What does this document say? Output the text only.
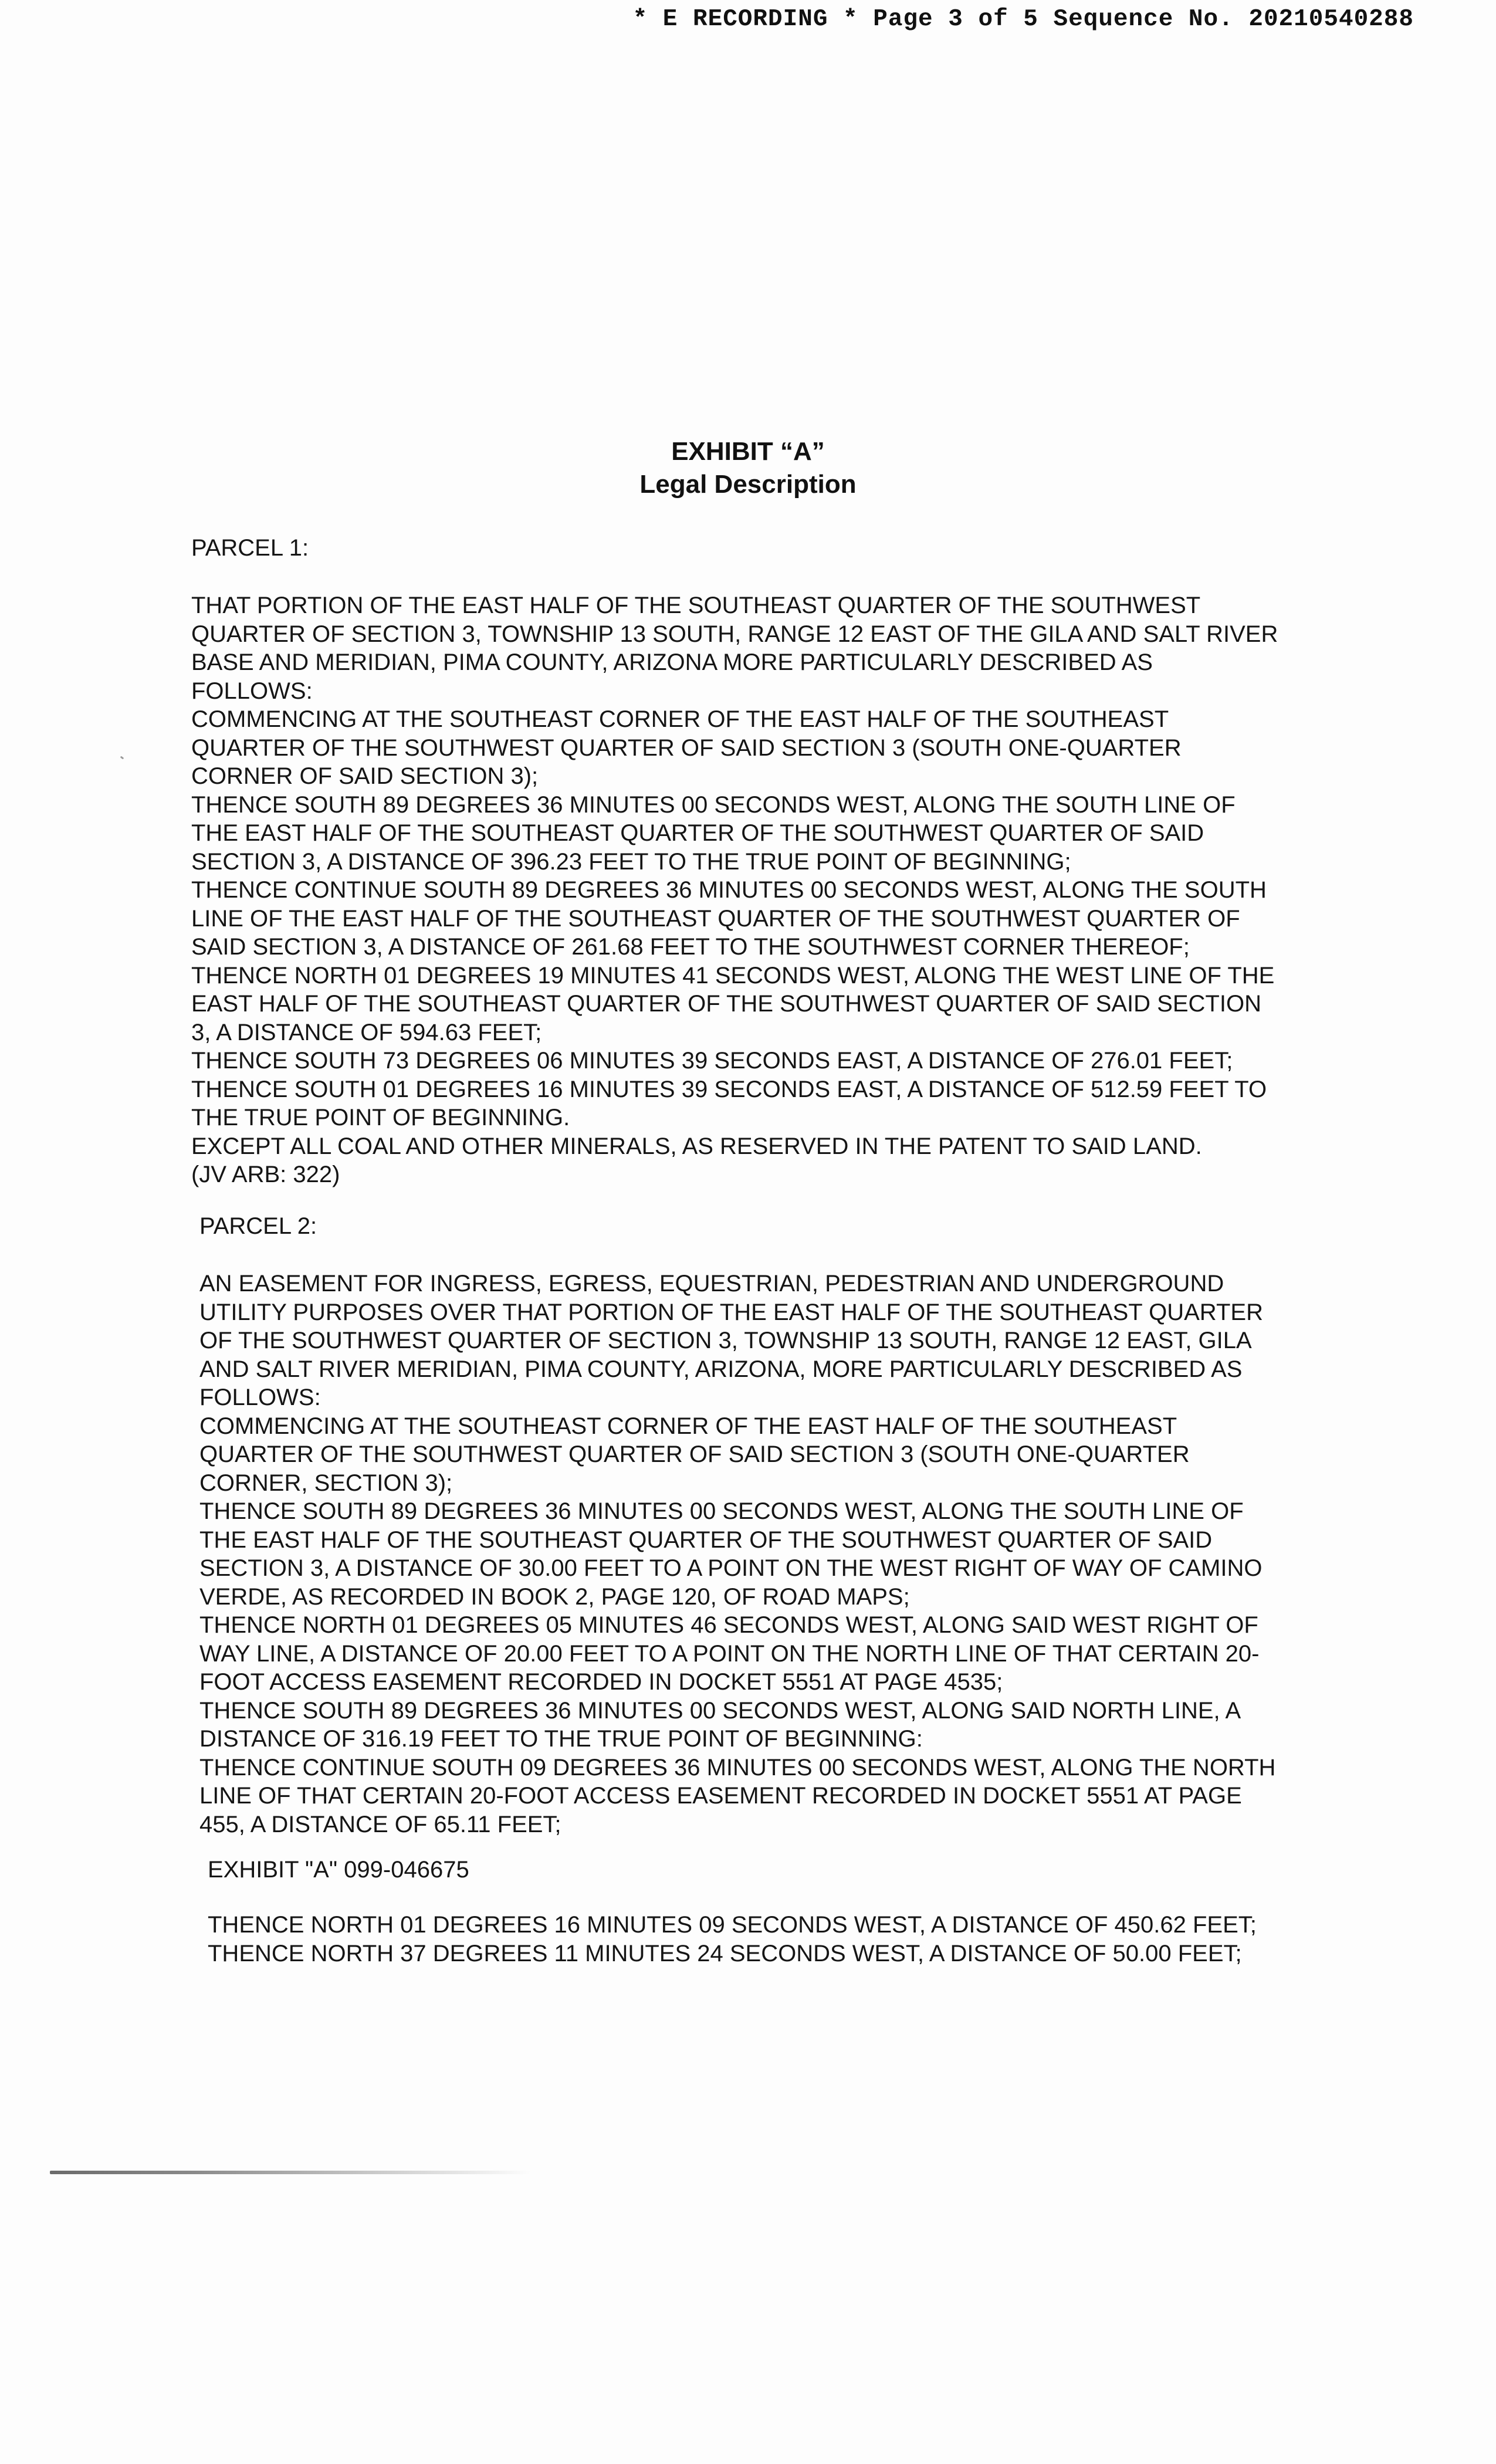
* E RECORDING * Page 3 of 5 Sequence No. 20210540288
EXHIBIT “A”
Legal Description
PARCEL 1:
THAT PORTION OF THE EAST HALF OF THE SOUTHEAST QUARTER OF THE SOUTHWEST
QUARTER OF SECTION 3, TOWNSHIP 13 SOUTH, RANGE 12 EAST OF THE GILA AND SALT RIVER
BASE AND MERIDIAN, PIMA COUNTY, ARIZONA MORE PARTICULARLY DESCRIBED AS
FOLLOWS:
COMMENCING AT THE SOUTHEAST CORNER OF THE EAST HALF OF THE SOUTHEAST
QUARTER OF THE SOUTHWEST QUARTER OF SAID SECTION 3 (SOUTH ONE-QUARTER
CORNER OF SAID SECTION 3);
THENCE SOUTH 89 DEGREES 36 MINUTES 00 SECONDS WEST, ALONG THE SOUTH LINE OF
THE EAST HALF OF THE SOUTHEAST QUARTER OF THE SOUTHWEST QUARTER OF SAID
SECTION 3, A DISTANCE OF 396.23 FEET TO THE TRUE POINT OF BEGINNING;
THENCE CONTINUE SOUTH 89 DEGREES 36 MINUTES 00 SECONDS WEST, ALONG THE SOUTH
LINE OF THE EAST HALF OF THE SOUTHEAST QUARTER OF THE SOUTHWEST QUARTER OF
SAID SECTION 3, A DISTANCE OF 261.68 FEET TO THE SOUTHWEST CORNER THEREOF;
THENCE NORTH 01 DEGREES 19 MINUTES 41 SECONDS WEST, ALONG THE WEST LINE OF THE
EAST HALF OF THE SOUTHEAST QUARTER OF THE SOUTHWEST QUARTER OF SAID SECTION
3, A DISTANCE OF 594.63 FEET;
THENCE SOUTH 73 DEGREES 06 MINUTES 39 SECONDS EAST, A DISTANCE OF 276.01 FEET;
THENCE SOUTH 01 DEGREES 16 MINUTES 39 SECONDS EAST, A DISTANCE OF 512.59 FEET TO
THE TRUE POINT OF BEGINNING.
EXCEPT ALL COAL AND OTHER MINERALS, AS RESERVED IN THE PATENT TO SAID LAND.
(JV ARB: 322)
PARCEL 2:
AN EASEMENT FOR INGRESS, EGRESS, EQUESTRIAN, PEDESTRIAN AND UNDERGROUND
UTILITY PURPOSES OVER THAT PORTION OF THE EAST HALF OF THE SOUTHEAST QUARTER
OF THE SOUTHWEST QUARTER OF SECTION 3, TOWNSHIP 13 SOUTH, RANGE 12 EAST, GILA
AND SALT RIVER MERIDIAN, PIMA COUNTY, ARIZONA, MORE PARTICULARLY DESCRIBED AS
FOLLOWS:
COMMENCING AT THE SOUTHEAST CORNER OF THE EAST HALF OF THE SOUTHEAST
QUARTER OF THE SOUTHWEST QUARTER OF SAID SECTION 3 (SOUTH ONE-QUARTER
CORNER, SECTION 3);
THENCE SOUTH 89 DEGREES 36 MINUTES 00 SECONDS WEST, ALONG THE SOUTH LINE OF
THE EAST HALF OF THE SOUTHEAST QUARTER OF THE SOUTHWEST QUARTER OF SAID
SECTION 3, A DISTANCE OF 30.00 FEET TO A POINT ON THE WEST RIGHT OF WAY OF CAMINO
VERDE, AS RECORDED IN BOOK 2, PAGE 120, OF ROAD MAPS;
THENCE NORTH 01 DEGREES 05 MINUTES 46 SECONDS WEST, ALONG SAID WEST RIGHT OF
WAY LINE, A DISTANCE OF 20.00 FEET TO A POINT ON THE NORTH LINE OF THAT CERTAIN 20-
FOOT ACCESS EASEMENT RECORDED IN DOCKET 5551 AT PAGE 4535;
THENCE SOUTH 89 DEGREES 36 MINUTES 00 SECONDS WEST, ALONG SAID NORTH LINE, A
DISTANCE OF 316.19 FEET TO THE TRUE POINT OF BEGINNING:
THENCE CONTINUE SOUTH 09 DEGREES 36 MINUTES 00 SECONDS WEST, ALONG THE NORTH
LINE OF THAT CERTAIN 20-FOOT ACCESS EASEMENT RECORDED IN DOCKET 5551 AT PAGE
455, A DISTANCE OF 65.11 FEET;
EXHIBIT "A" 099-046675
THENCE NORTH 01 DEGREES 16 MINUTES 09 SECONDS WEST, A DISTANCE OF 450.62 FEET;
THENCE NORTH 37 DEGREES 11 MINUTES 24 SECONDS WEST, A DISTANCE OF 50.00 FEET;
